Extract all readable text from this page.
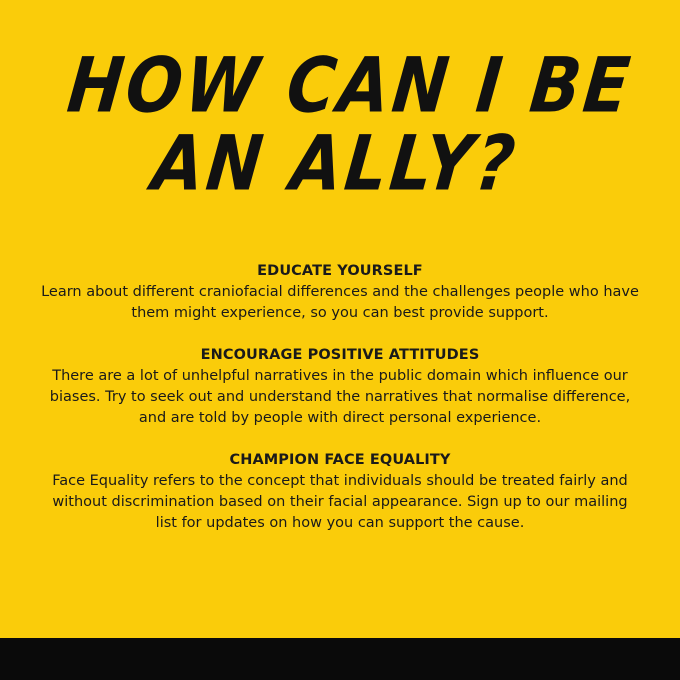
HOW CAN I BE
AN ALLY?

EDUCATE YOURSELF

Learn about different craniofacial differences and the challenges people who have them might experience, so you can best provide support.

ENCOURAGE POSITIVE ATTITUDES

There are a lot of unhelpful narratives in the public domain which influence our biases. Try to seek out and understand the narratives that normalise difference, and are told by people with direct personal experience.

CHAMPION FACE EQUALITY

Face Equality refers to the concept that individuals should be treated fairly and without discrimination based on their facial appearance. Sign up to our mailing list for updates on how you can support the cause.
